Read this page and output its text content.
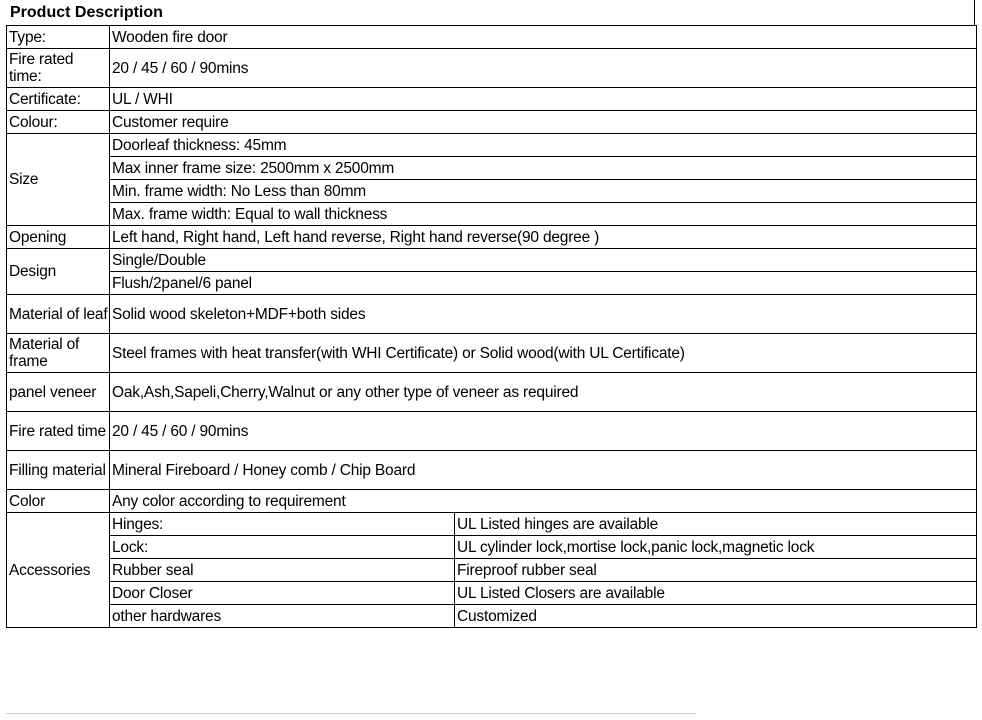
Product Description
Type:	Wooden fire door	
Fire rated time:	20 / 45 / 60 / 90mins	
Certificate:	UL / WHI	
Colour:	Customer require	
Size	Doorleaf thickness: 45mm	
	Max inner frame size: 2500mm x 2500mm	
	Min. frame width: No Less than 80mm	
	Max. frame width: Equal to wall thickness	
Opening	Left hand, Right hand, Left hand reverse, Right hand reverse(90 degree )	
Design	Single/Double	
	Flush/2panel/6 panel	
Material of leaf	Solid wood skeleton+MDF+both sides	
Material of frame	Steel frames with heat transfer(with WHI Certificate) or Solid wood(with UL Certificate)	
panel veneer	Oak,Ash,Sapeli,Cherry,Walnut or any other type of veneer as required	
Fire rated time	20 / 45 / 60 / 90mins	
Filling material	Mineral Fireboard / Honey comb / Chip Board	
Color	Any color according to requirement	
Accessories	Hinges:	UL Listed hinges are available
	Lock:	UL cylinder lock,mortise lock,panic lock,magnetic lock
	Rubber seal	Fireproof rubber seal
	Door Closer	UL Listed Closers are available
	other hardwares	Customized
